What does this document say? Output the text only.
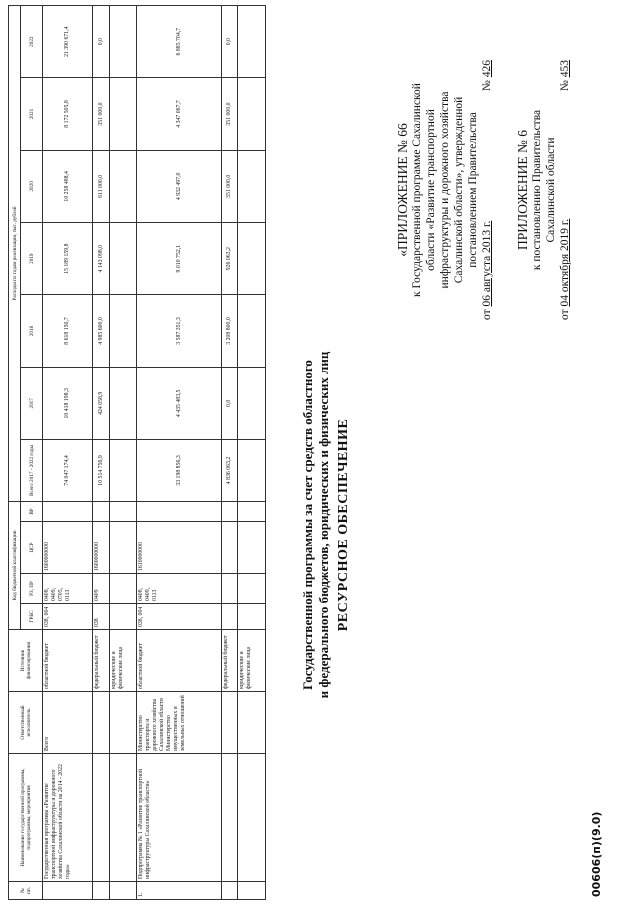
ПРИЛОЖЕНИЕ № 6 к постановлению Правительства Сахалинской области
от 04 октября 2019 г.
№ 453
«ПРИЛОЖЕНИЕ № 66 к Государственной программе Сахалинской области «Развитие транспортной инфраструктуры и дорожного хозяйства Сахалинской области», утвержденной постановлением Правительства
от 06 августа 2013 г.
№ 426
РЕСУРСНОЕ ОБЕСПЕЧЕНИЕ
Государственной программы за счет средств областного и федерального бюджетов, юридических и физических лиц
№ пп.	Наименование государственной программы, подпрограммы, мероприятия	Ответственный исполнитель	Источник финансирования	Код бюджетной классификации				Расходы по годам реализации, тыс. рублей						
				ГРБС	РЗ, ПР	ЦСР	ВР	Всего 2017 - 2022 годы	2017	2018	2019	2020	2021	2022
	Государственная программа «Развитие транспортной инфраструктуры и дорожного хозяйства Сахалинской области на 2014 - 2022 годы»	Всего	областной бюджет	038, 004	0408, 0409, 0705, 0113	1600000000		74 047 174,4	10 418 198,3	8 618 150,7	15 189 159,8	10 258 488,4	8 172 505,8	21 390 671,4
			федеральный бюджет	038	0409	1600000000		10 514 756,9	424 058,9	4 985 600,0	4 143 098,0	611 000,0	351 000,0	0,0
			юридические и физические лица											
1.	Подпрограмма № 1 «Развитие транспортной инфраструктуры Сахалинской области»	Министерство транспорта и дорожного хозяйства Сахалинской области Министерство имущественных и земельных отношений	областной бюджет	038, 004	0408, 0409, 0113	1610000000		33 198 856,3	4 435 483,5	3 587 351,3	9 010 752,1	4 932 497,0	4 347 067,7	6 885 704,7
			федеральный бюджет					4 836 063,2	0,0	3 208 800,0	926 063,2	351 000,0	351 000,0	0,0
			юридические и физические лица											
00606(п)(9.0)
